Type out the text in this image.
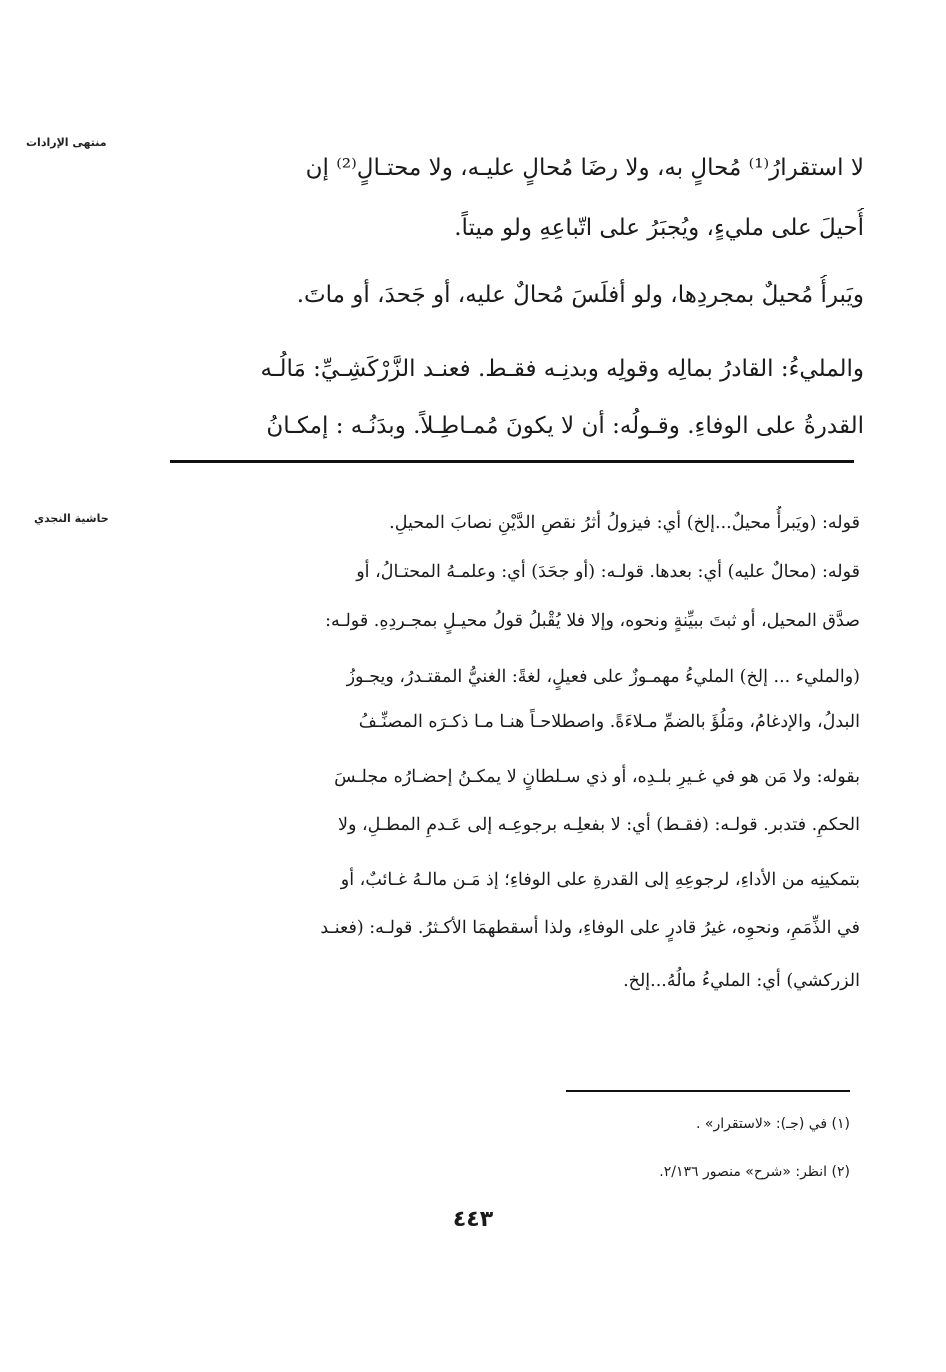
منتهى الإرادات
حاشية النجدي
لا استقرارُ⁽¹⁾ مُحالٍ به، ولا رضَا مُحالٍ عليـه، ولا محتـالٍ⁽²⁾ إن
أُحيلَ على مليءٍ، ويُجبَرُ على اتّباعِهِ ولو ميتاً.
ويَبرأُ مُحيلٌ بمجردِها، ولو أفلَسَ مُحالٌ عليه، أو جَحدَ، أو ماتَ.
والمليءُ: القادرُ بمالِه وقولِه وبدنِـه فقـط. فعنـد الزَّرْكَشِـيِّ: مَالُـه
القدرةُ على الوفاءِ. وقـولُه: أن لا يكونَ مُمـاطِـلاً. وبدَنُـه : إمكـانُ
قوله: (ويَبرأُ محيلٌ...إلخ) أي: فيزولُ أثرُ نقصِ الدَّيْنِ نصابَ المحيلِ.
قوله: (محالٌ عليه) أي: بعدها. قولـه: (أو جحَدَ) أي: وعلمـهُ المحتـالُ، أو
صدَّق المحيل، أو ثبتَ ببيِّنةٍ ونحوه، وإلا فلا يُقْبلُ قولُ محيـلٍ بمجـردِهِ. قولـه:
(والمليء ... إلخ) المليءُ مهمـوزٌ على فعيلٍ، لغةً: الغنيُّ المقتـدرُ، ويجـوزُ
البدلُ، والإدغامُ، ومَلُؤَ بالضمِّ مـلاءَةً. واصطلاحـاً هنـا مـا ذكـرَه المصنِّـفُ
بقوله: ولا مَن هو في غـيرِ بلـدِه، أو ذي سـلطانٍ لا يمكـنُ إحضـارُه مجلـسَ
الحكمِ. فتدبر. قولـه: (فقـط) أي: لا بفعلِـه برجوعِـه إلى عَـدمِ المطـلِ، ولا
بتمكينِه من الأداءِ، لرجوعِهِ إلى القدرةِ على الوفاءِ؛ إذ مَـن مالـهُ غـائبٌ، أو
في الذِّمَمِ، ونحوِه، غيرُ قادرٍ على الوفاءِ، ولذا أسقطهمَا الأكـثرُ. قولـه: (فعنـد
الزركشي) أي: المليءُ مالُهُ...إلخ.
(١) في (جـ): «لاستقرار» .
(٢) انظر: «شرح» منصور ٢/١٣٦.
٤٤٣
